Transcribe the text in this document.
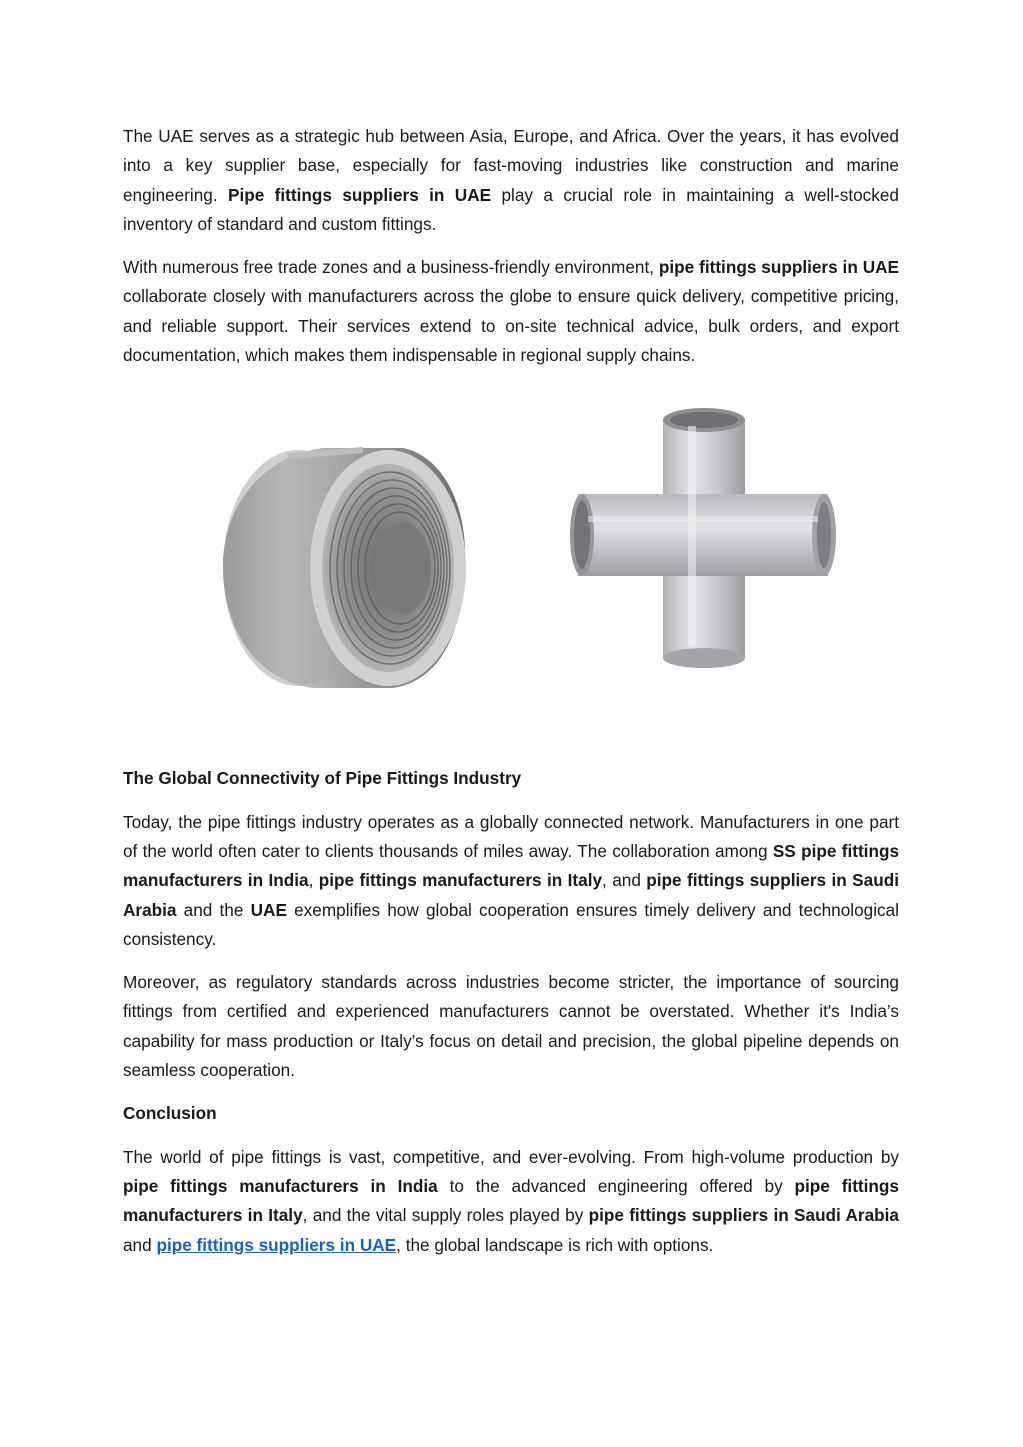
The UAE serves as a strategic hub between Asia, Europe, and Africa. Over the years, it has evolved into a key supplier base, especially for fast-moving industries like construction and marine engineering. Pipe fittings suppliers in UAE play a crucial role in maintaining a well-stocked inventory of standard and custom fittings.

With numerous free trade zones and a business-friendly environment, pipe fittings suppliers in UAE collaborate closely with manufacturers across the globe to ensure quick delivery, competitive pricing, and reliable support. Their services extend to on-site technical advice, bulk orders, and export documentation, which makes them indispensable in regional supply chains.

The Global Connectivity of Pipe Fittings Industry

Today, the pipe fittings industry operates as a globally connected network. Manufacturers in one part of the world often cater to clients thousands of miles away. The collaboration among SS pipe fittings manufacturers in India, pipe fittings manufacturers in Italy, and pipe fittings suppliers in Saudi Arabia and the UAE exemplifies how global cooperation ensures timely delivery and technological consistency.

Moreover, as regulatory standards across industries become stricter, the importance of sourcing fittings from certified and experienced manufacturers cannot be overstated. Whether it's India’s capability for mass production or Italy’s focus on detail and precision, the global pipeline depends on seamless cooperation.

Conclusion

The world of pipe fittings is vast, competitive, and ever-evolving. From high-volume production by pipe fittings manufacturers in India to the advanced engineering offered by pipe fittings manufacturers in Italy, and the vital supply roles played by pipe fittings suppliers in Saudi Arabia and pipe fittings suppliers in UAE, the global landscape is rich with options.
